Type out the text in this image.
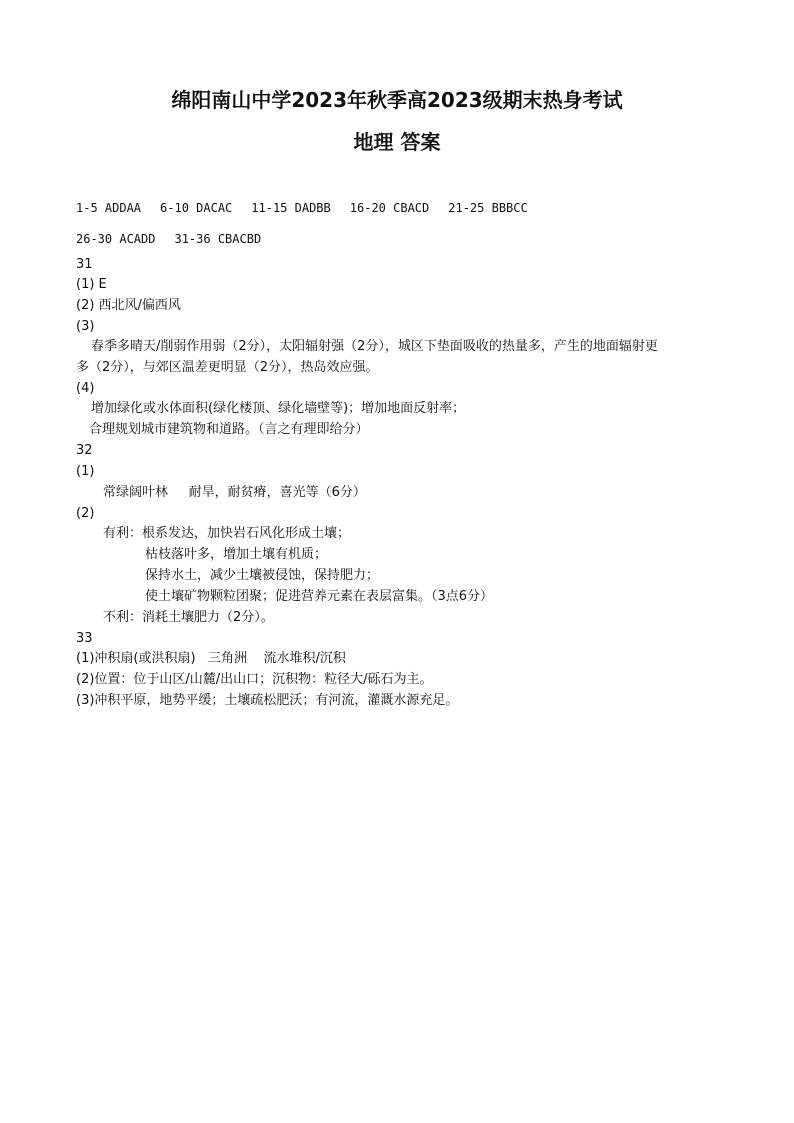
绵阳南山中学2023年秋季高2023级期末热身考试
地理 答案
1-5 ADDAA 6-10 DACAC 11-15 DADBB 16-20 CBACD 21-25 BBBCC
26-30 ACADD 31-36 CBACBD
31
(1) E
(2) 西北风/偏西风
(3)
春季多晴天/削弱作用弱（2分），太阳辐射强（2分），城区下垫面吸收的热量多，产生的地面辐射更
多（2分），与郊区温差更明显（2分），热岛效应强。
(4)
增加绿化或水体面积(绿化楼顶、绿化墙壁等)；增加地面反射率；
合理规划城市建筑物和道路。（言之有理即给分）
32
(1)
常绿阔叶林     耐旱，耐贫瘠，喜光等（6分）
(2)
有利：根系发达，加快岩石风化形成土壤；
枯枝落叶多，增加土壤有机质；
保持水土，减少土壤被侵蚀，保持肥力；
使土壤矿物颗粒团聚；促进营养元素在表层富集。（3点6分）
不利：消耗土壤肥力（2分）。
33
(1)冲积扇(或洪积扇)   三角洲    流水堆积/沉积
(2)位置：位于山区/山麓/出山口；沉积物：粒径大/砾石为主。
(3)冲积平原，地势平缓；土壤疏松肥沃；有河流，灌溉水源充足。
